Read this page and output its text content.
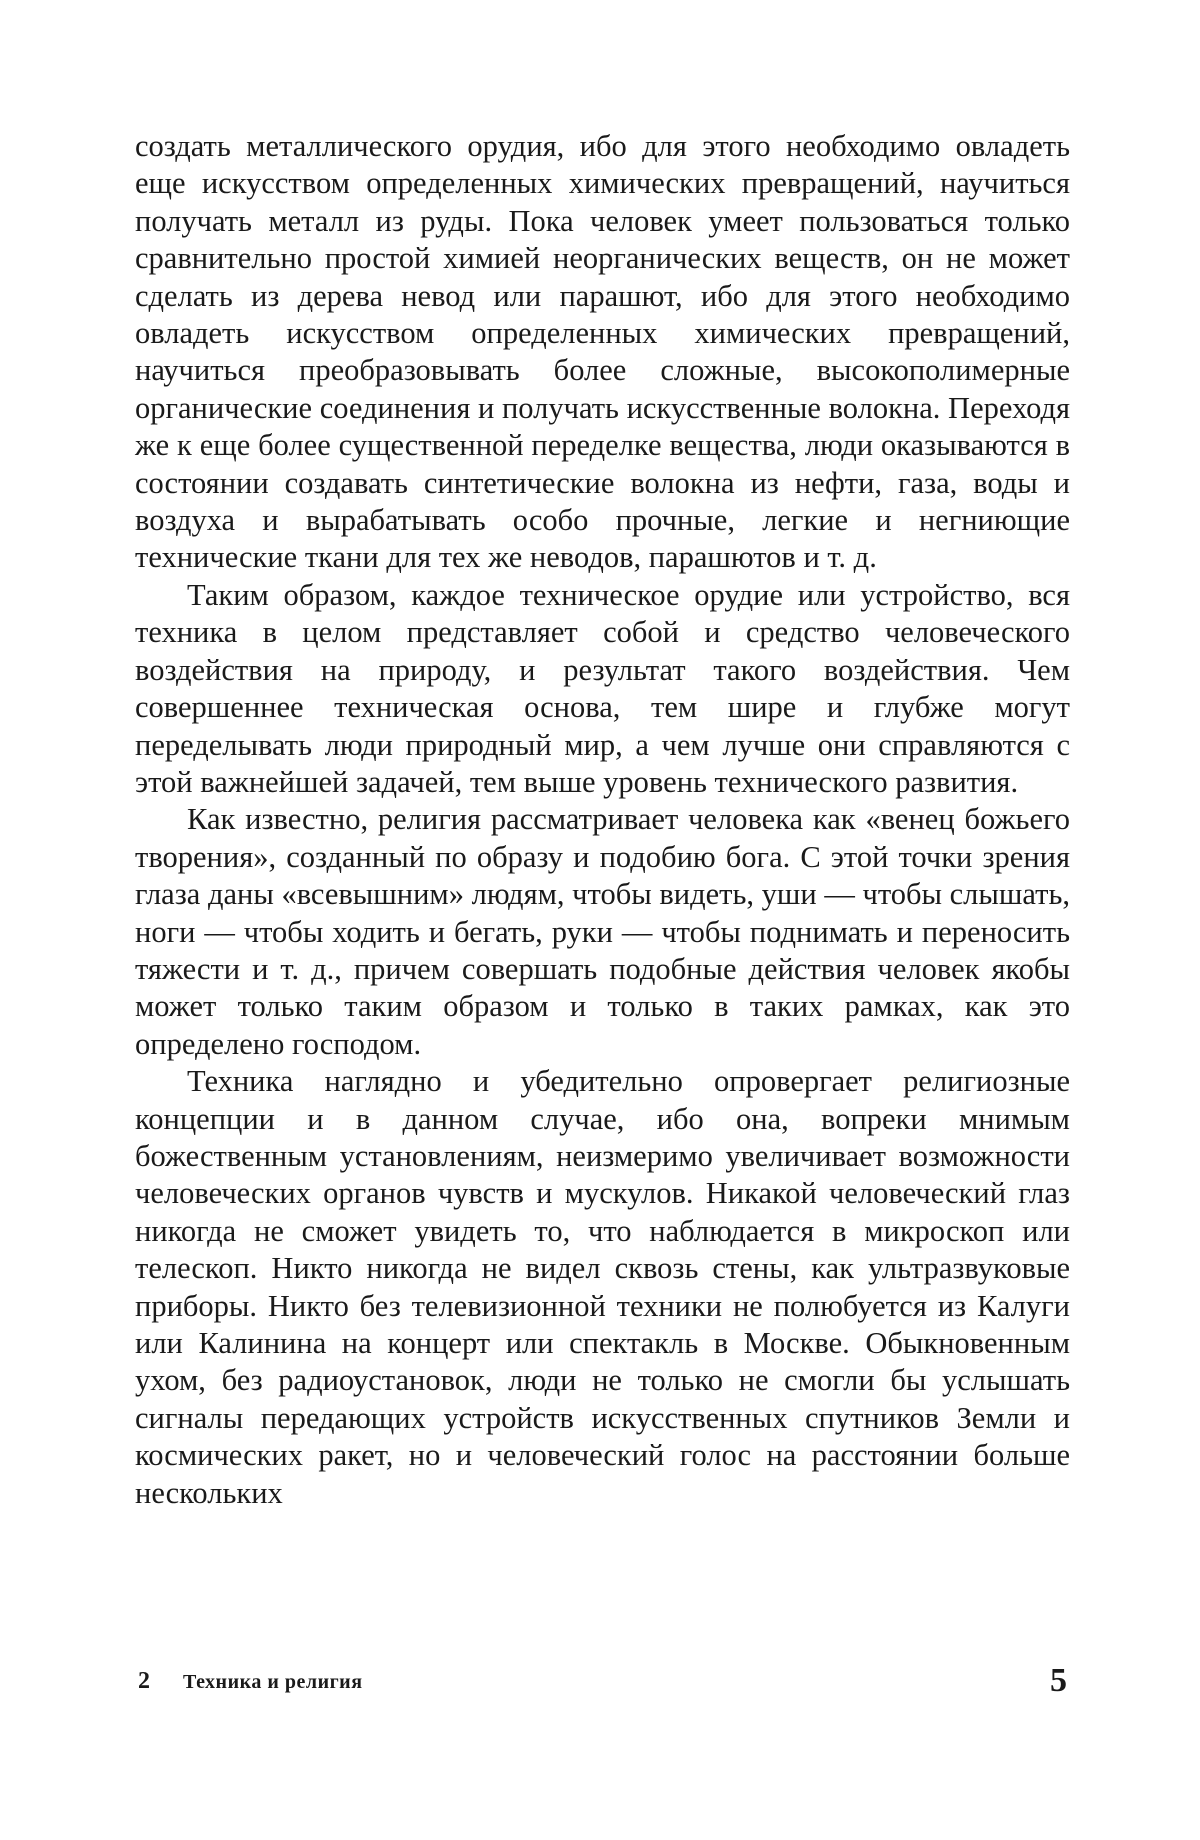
создать металлического орудия, ибо для этого необходимо овладеть еще искусством определенных химических превращений, научиться получать металл из руды. Пока человек умеет пользоваться только сравнительно простой химией неорганических веществ, он не может сделать из дерева невод или парашют, ибо для этого необходимо овладеть искусством определенных химических превращений, научиться преобразовывать более сложные, высокополимерные органические соединения и получать искусственные волокна. Переходя же к еще более существенной переделке вещества, люди оказываются в состоянии создавать синтетические волокна из нефти, газа, воды и воздуха и вырабатывать особо прочные, легкие и негниющие технические ткани для тех же неводов, парашютов и т. д.

Таким образом, каждое техническое орудие или устройство, вся техника в целом представляет собой и средство человеческого воздействия на природу, и результат такого воздействия. Чем совершеннее техническая основа, тем шире и глубже могут переделывать люди природный мир, а чем лучше они справляются с этой важнейшей задачей, тем выше уровень технического развития.

Как известно, религия рассматривает человека как «венец божьего творения», созданный по образу и подобию бога. С этой точки зрения глаза даны «всевышним» людям, чтобы видеть, уши — чтобы слышать, ноги — чтобы ходить и бегать, руки — чтобы поднимать и переносить тяжести и т. д., причем совершать подобные действия человек якобы может только таким образом и только в таких рамках, как это определено господом.

Техника наглядно и убедительно опровергает религиозные концепции и в данном случае, ибо она, вопреки мнимым божественным установлениям, неизмеримо увеличивает возможности человеческих органов чувств и мускулов. Никакой человеческий глаз никогда не сможет увидеть то, что наблюдается в микроскоп или телескоп. Никто никогда не видел сквозь стены, как ультразвуковые приборы. Никто без телевизионной техники не полюбуется из Калуги или Калинина на концерт или спектакль в Москве. Обыкновенным ухом, без радиоустановок, люди не только не смогли бы услышать сигналы передающих устройств искусственных спутников Земли и космических ракет, но и человеческий голос на расстоянии больше нескольких

2 Техника и религия	5
